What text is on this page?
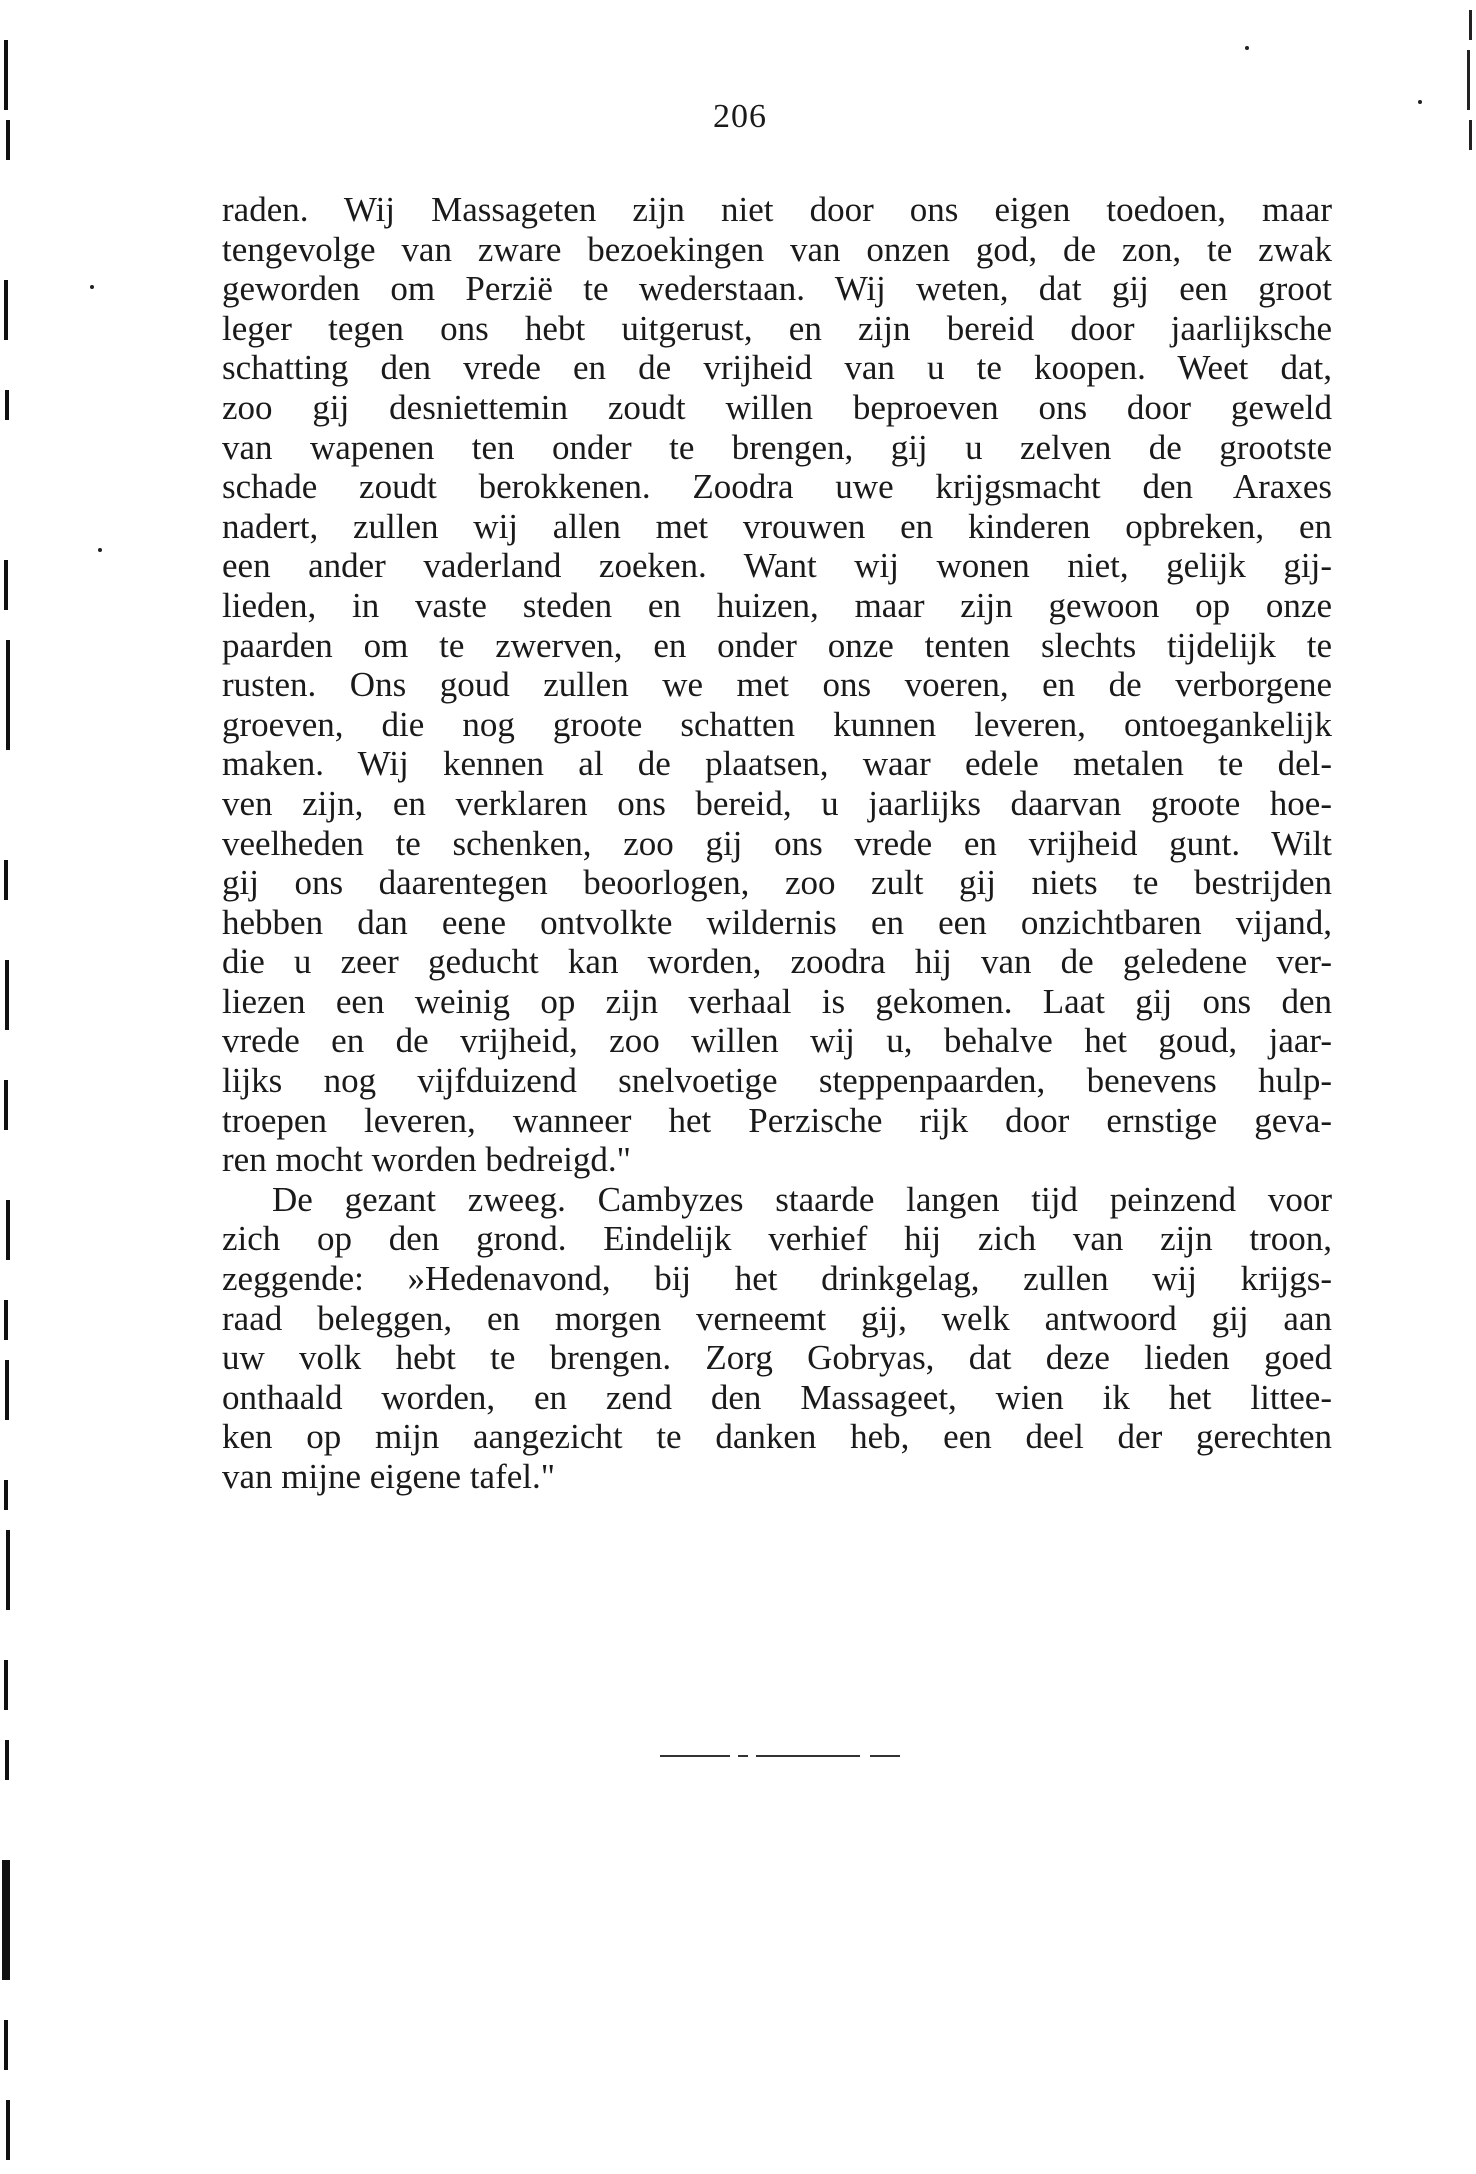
206
raden. Wij Massageten zijn niet door ons eigen toedoen, maar
tengevolge van zware bezoekingen van onzen god, de zon, te zwak
geworden om Perzië te wederstaan. Wij weten, dat gij een groot
leger tegen ons hebt uitgerust, en zijn bereid door jaarlijksche
schatting den vrede en de vrijheid van u te koopen. Weet dat,
zoo gij desniettemin zoudt willen beproeven ons door geweld
van wapenen ten onder te brengen, gij u zelven de grootste
schade zoudt berokkenen. Zoodra uwe krijgsmacht den Araxes
nadert, zullen wij allen met vrouwen en kinderen opbreken, en
een ander vaderland zoeken. Want wij wonen niet, gelijk gij-
lieden, in vaste steden en huizen, maar zijn gewoon op onze
paarden om te zwerven, en onder onze tenten slechts tijdelijk te
rusten. Ons goud zullen we met ons voeren, en de verborgene
groeven, die nog groote schatten kunnen leveren, ontoegankelijk
maken. Wij kennen al de plaatsen, waar edele metalen te del-
ven zijn, en verklaren ons bereid, u jaarlijks daarvan groote hoe-
veelheden te schenken, zoo gij ons vrede en vrijheid gunt. Wilt
gij ons daarentegen beoorlogen, zoo zult gij niets te bestrijden
hebben dan eene ontvolkte wildernis en een onzichtbaren vijand,
die u zeer geducht kan worden, zoodra hij van de geledene ver-
liezen een weinig op zijn verhaal is gekomen. Laat gij ons den
vrede en de vrijheid, zoo willen wij u, behalve het goud, jaar-
lijks nog vijfduizend snelvoetige steppenpaarden, benevens hulp-
troepen leveren, wanneer het Perzische rijk door ernstige geva-
ren mocht worden bedreigd."
De gezant zweeg. Cambyzes staarde langen tijd peinzend voor
zich op den grond. Eindelijk verhief hij zich van zijn troon,
zeggende: »Hedenavond, bij het drinkgelag, zullen wij krijgs-
raad beleggen, en morgen verneemt gij, welk antwoord gij aan
uw volk hebt te brengen. Zorg Gobryas, dat deze lieden goed
onthaald worden, en zend den Massageet, wien ik het littee-
ken op mijn aangezicht te danken heb, een deel der gerechten
van mijne eigene tafel."
